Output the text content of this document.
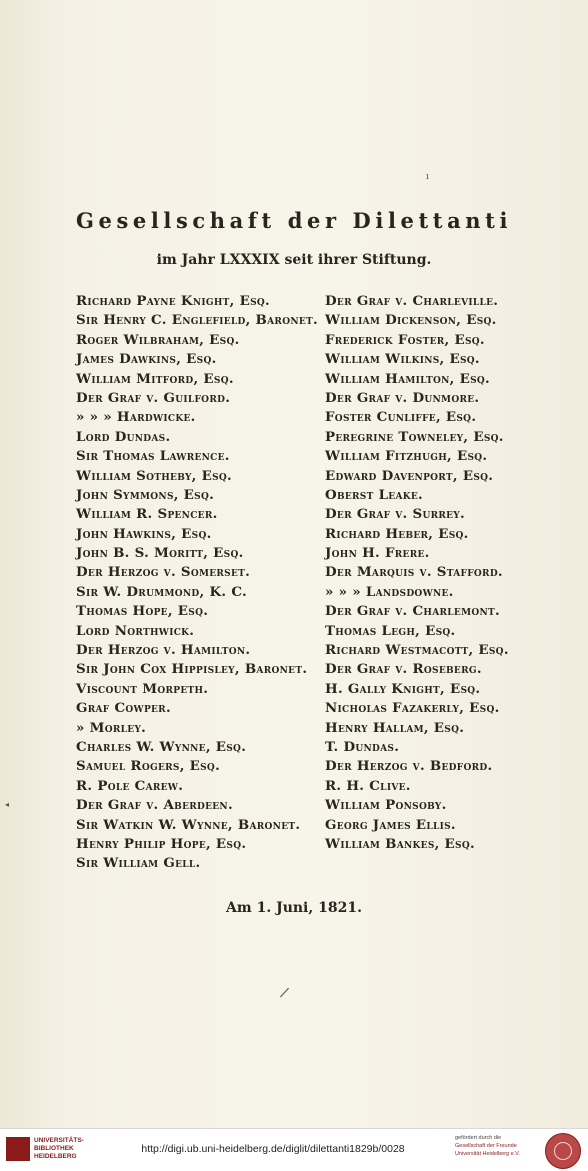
ı
◂
/
Gesellschaft der Dilettanti
im Jahr LXXXIX seit ihrer Stiftung.
Richard Payne Knight, Esq.
Sir Henry C. Englefield, Baronet.
Roger Wilbraham, Esq.
James Dawkins, Esq.
William Mitford, Esq.
Der Graf v. Guilford.
» » » Hardwicke.
Lord Dundas.
Sir Thomas Lawrence.
William Sotheby, Esq.
John Symmons, Esq.
William R. Spencer.
John Hawkins, Esq.
John B. S. Moritt, Esq.
Der Herzog v. Somerset.
Sir W. Drummond, K. C.
Thomas Hope, Esq.
Lord Northwick.
Der Herzog v. Hamilton.
Sir John Cox Hippisley, Baronet.
Viscount Morpeth.
Graf Cowper.
» Morley.
Charles W. Wynne, Esq.
Samuel Rogers, Esq.
R. Pole Carew.
Der Graf v. Aberdeen.
Sir Watkin W. Wynne, Baronet.
Henry Philip Hope, Esq.
Sir William Gell.
Der Graf v. Charleville.
William Dickenson, Esq.
Frederick Foster, Esq.
William Wilkins, Esq.
William Hamilton, Esq.
Der Graf v. Dunmore.
Foster Cunliffe, Esq.
Peregrine Towneley, Esq.
William Fitzhugh, Esq.
Edward Davenport, Esq.
Oberst Leake.
Der Graf v. Surrey.
Richard Heber, Esq.
John H. Frere.
Der Marquis v. Stafford.
» » » Landsdowne.
Der Graf v. Charlemont.
Thomas Legh, Esq.
Richard Westmacott, Esq.
Der Graf v. Roseberg.
H. Gally Knight, Esq.
Nicholas Fazakerly, Esq.
Henry Hallam, Esq.
T. Dundas.
Der Herzog v. Bedford.
R. H. Clive.
William Ponsoby.
Georg James Ellis.
William Bankes, Esq.
Am 1. Juni, 1821.
UNIVERSITÄTS-
BIBLIOTHEK
HEIDELBERG
http://digi.ub.uni-heidelberg.de/diglit/dilettanti1829b/0028
gefördert durch die
Gesellschaft der Freunde
Universität Heidelberg e.V.
